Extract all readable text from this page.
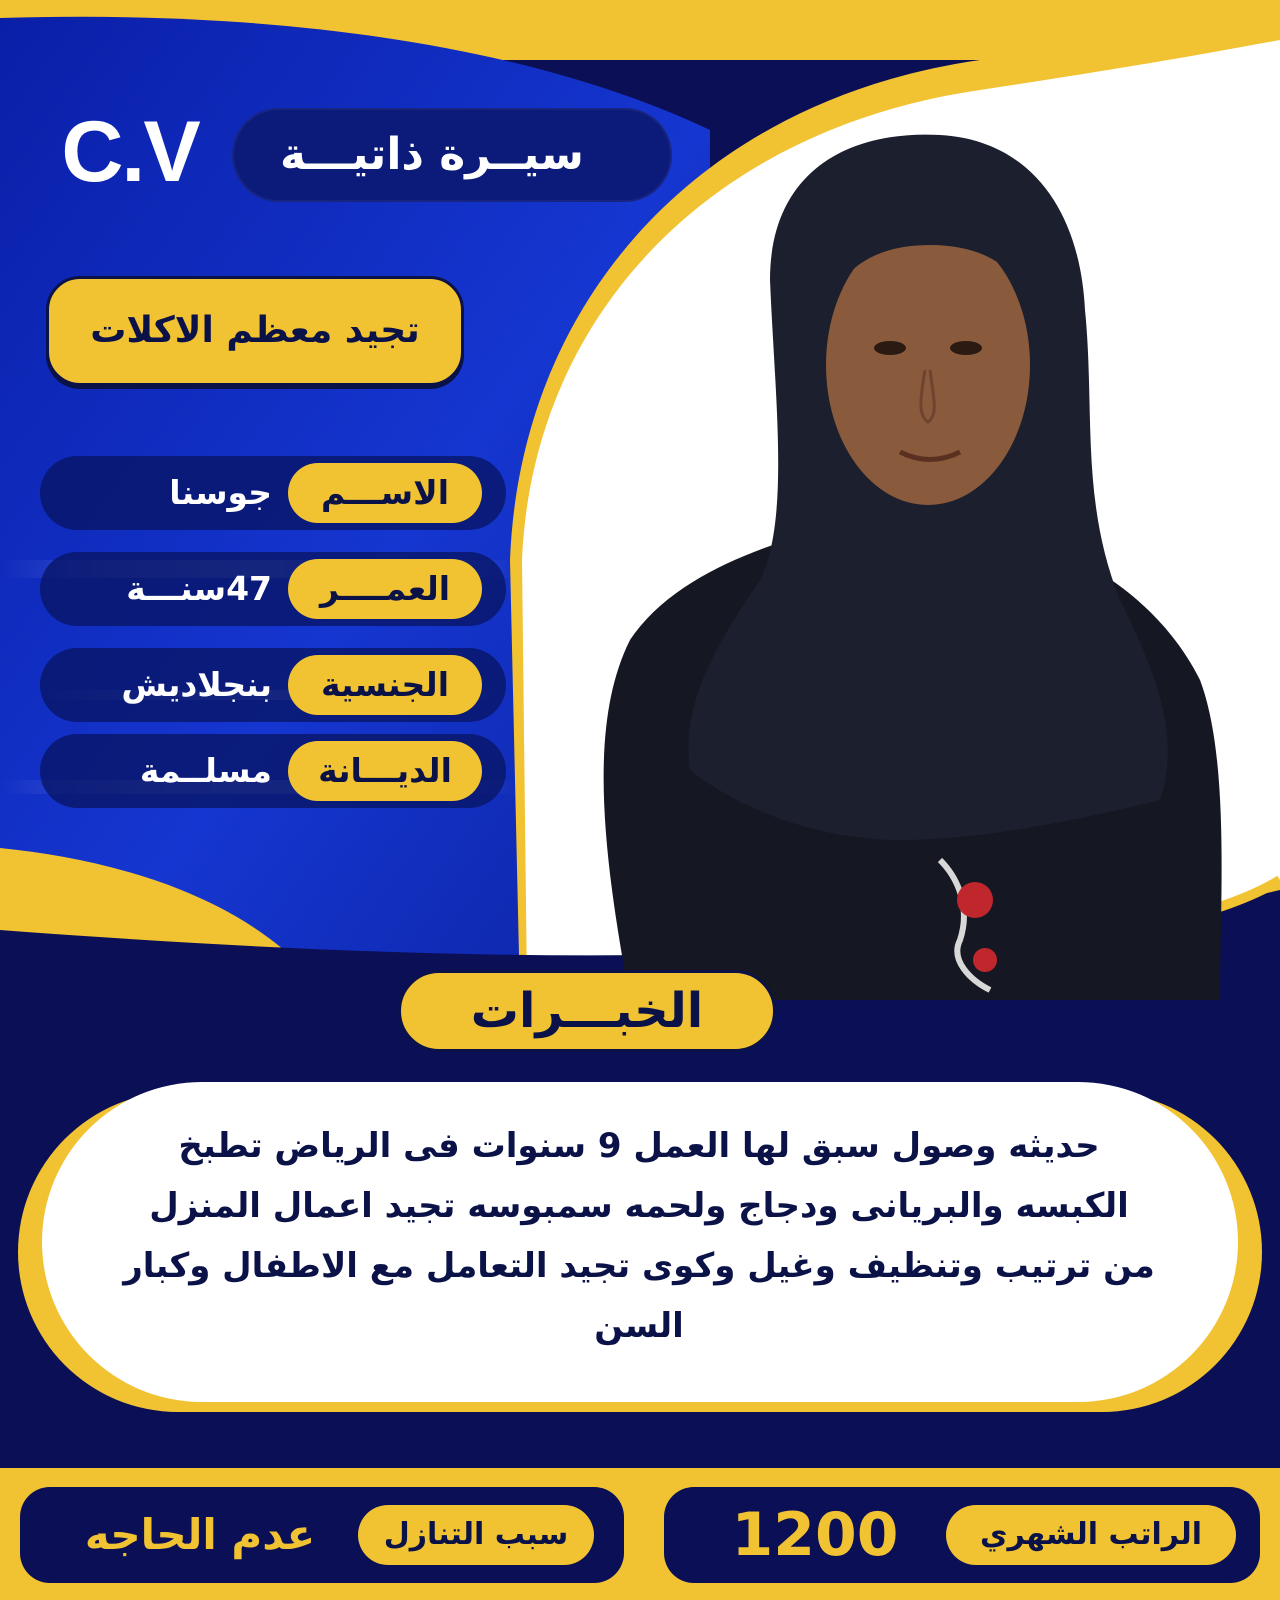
C.V	سيــرة ذاتيـــة
تجيد معظم الاكلات
الاســـم
جوسنا
العمــــر
47سنـــة
الجنسية
بنجلاديش
الديـــانة
مسلــمة
الخبـــرات
حديثه وصول سبق لها العمل 9 سنوات فى الرياض تطبخ
الكبسه والبريانى ودجاج ولحمه سمبوسه تجيد اعمال المنزل
من ترتيب وتنظيف وغيل وكوى تجيد التعامل مع الاطفال وكبار
السن
سبب التنازل
عدم الحاجه	الراتب الشهري
1200
